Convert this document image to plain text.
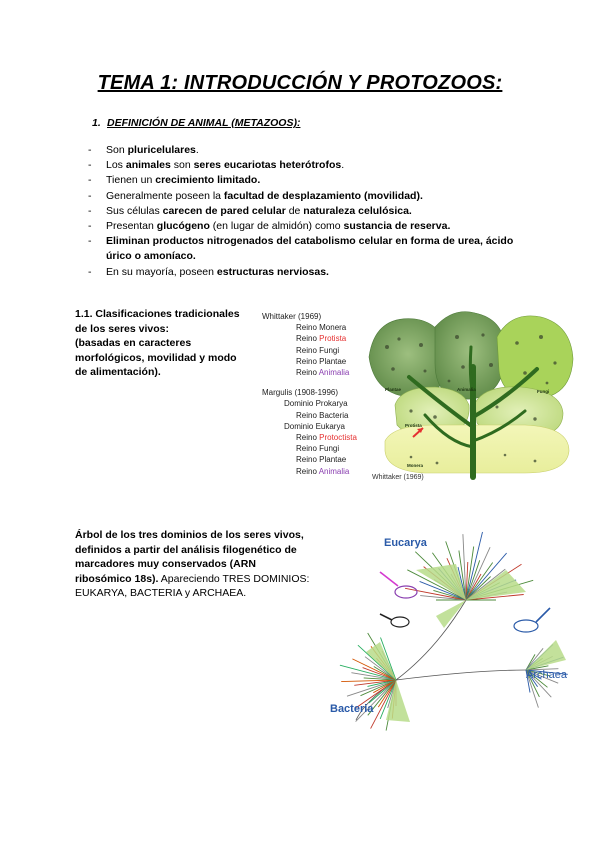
TEMA 1: INTRODUCCIÓN Y PROTOZOOS:
1. DEFINICIÓN DE ANIMAL (METAZOOS):
-	Son pluricelulares.
-	Los animales son seres eucariotas heterótrofos.
-	Tienen un crecimiento limitado.
-	Generalmente poseen la facultad de desplazamiento (movilidad).
-	Sus células carecen de pared celular de naturaleza celulósica.
-	Presentan glucógeno (en lugar de almidón) como sustancia de reserva.
-	Eliminan productos nitrogenados del catabolismo celular en forma de urea, ácido úrico o amoníaco.
-	En su mayoría, poseen estructuras nerviosas.
1.1. Clasificaciones tradicionales
de los seres vivos:
(basadas en caracteres
morfológicos, movilidad y modo
de alimentación).
Whittaker (1969)
Reino Monera
Reino Protista
Reino Fungi
Reino Plantae
Reino Animalia
Margulis (1908-1996)
Dominio Prokarya
Reino Bacteria
Dominio Eukarya
Reino Protoctista
Reino Fungi
Reino Plantae
Reino Animalia
Plantae	Animalia	Fungi
Protista
Monera
Whittaker (1969)
Árbol de los tres dominios de los seres vivos, definidos a partir del análisis filogenético de marcadores muy conservados (ARN ribosómico 18s). Apareciendo TRES DOMINIOS: EUKARYA, BACTERIA y ARCHAEA.
Eucarya
Archaea
Bacteria
